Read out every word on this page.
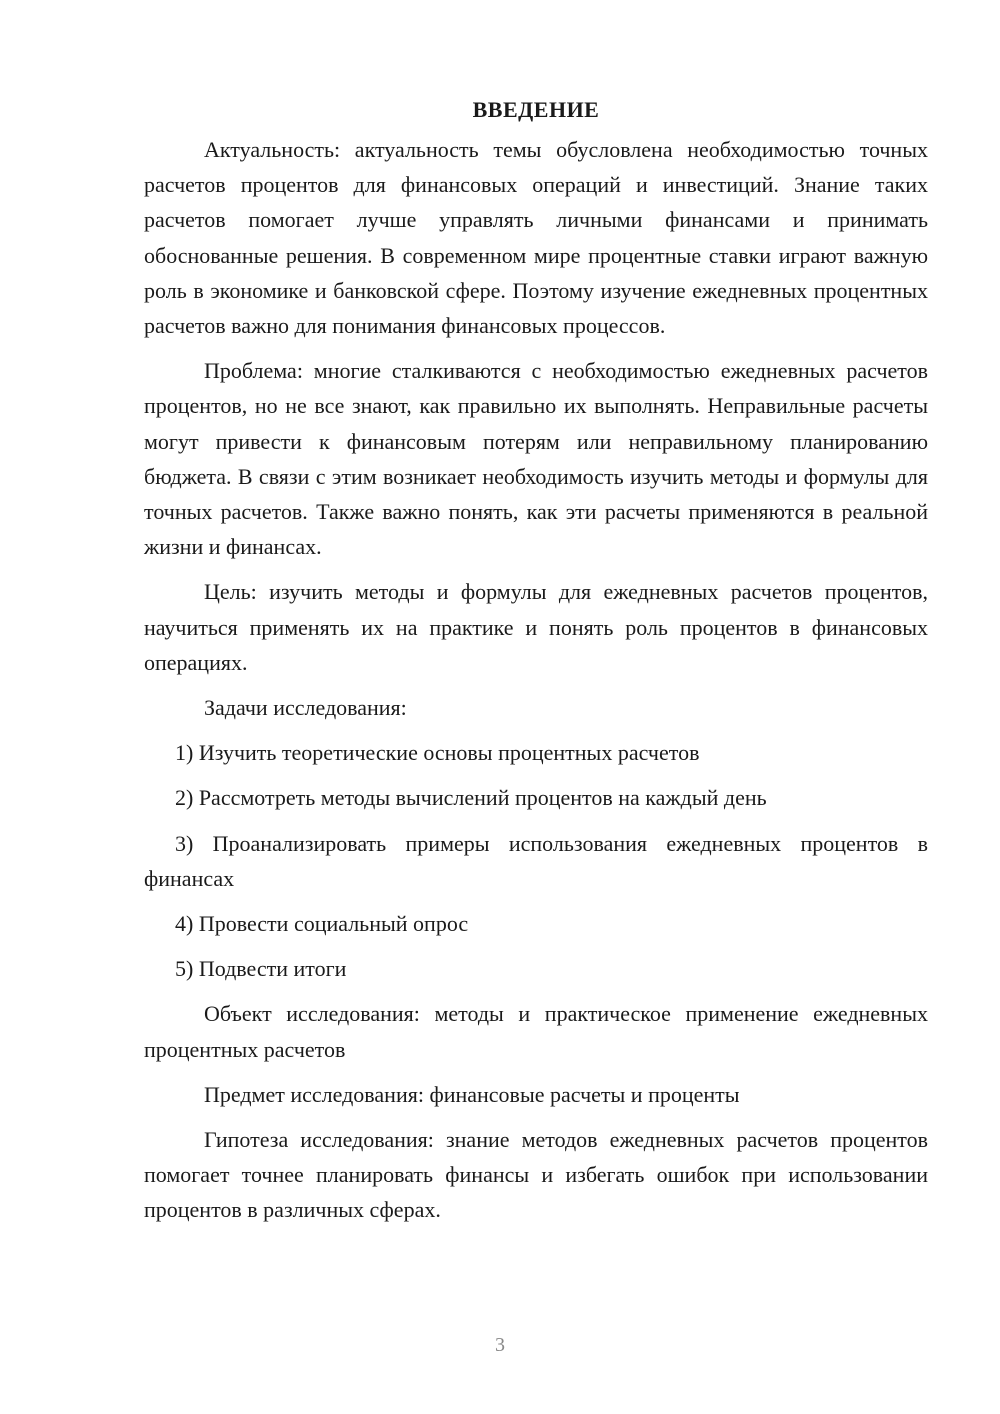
ВВЕДЕНИЕ

Актуальность: актуальность темы обусловлена необходимостью точных расчетов процентов для финансовых операций и инвестиций. Знание таких расчетов помогает лучше управлять личными финансами и принимать обоснованные решения. В современном мире процентные ставки играют важную роль в экономике и банковской сфере. Поэтому изучение ежедневных процентных расчетов важно для понимания финансовых процессов.

Проблема: многие сталкиваются с необходимостью ежедневных расчетов процентов, но не все знают, как правильно их выполнять. Неправильные расчеты могут привести к финансовым потерям или неправильному планированию бюджета. В связи с этим возникает необходимость изучить методы и формулы для точных расчетов. Также важно понять, как эти расчеты применяются в реальной жизни и финансах.

Цель: изучить методы и формулы для ежедневных расчетов процентов, научиться применять их на практике и понять роль процентов в финансовых операциях.

Задачи исследования:

1) Изучить теоретические основы процентных расчетов

2) Рассмотреть методы вычислений процентов на каждый день

3) Проанализировать примеры использования ежедневных процентов в финансах

4) Провести социальный опрос

5) Подвести итоги

Объект исследования: методы и практическое применение ежедневных процентных расчетов

Предмет исследования: финансовые расчеты и проценты

Гипотеза исследования: знание методов ежедневных расчетов процентов помогает точнее планировать финансы и избегать ошибок при использовании процентов в различных сферах.

3
